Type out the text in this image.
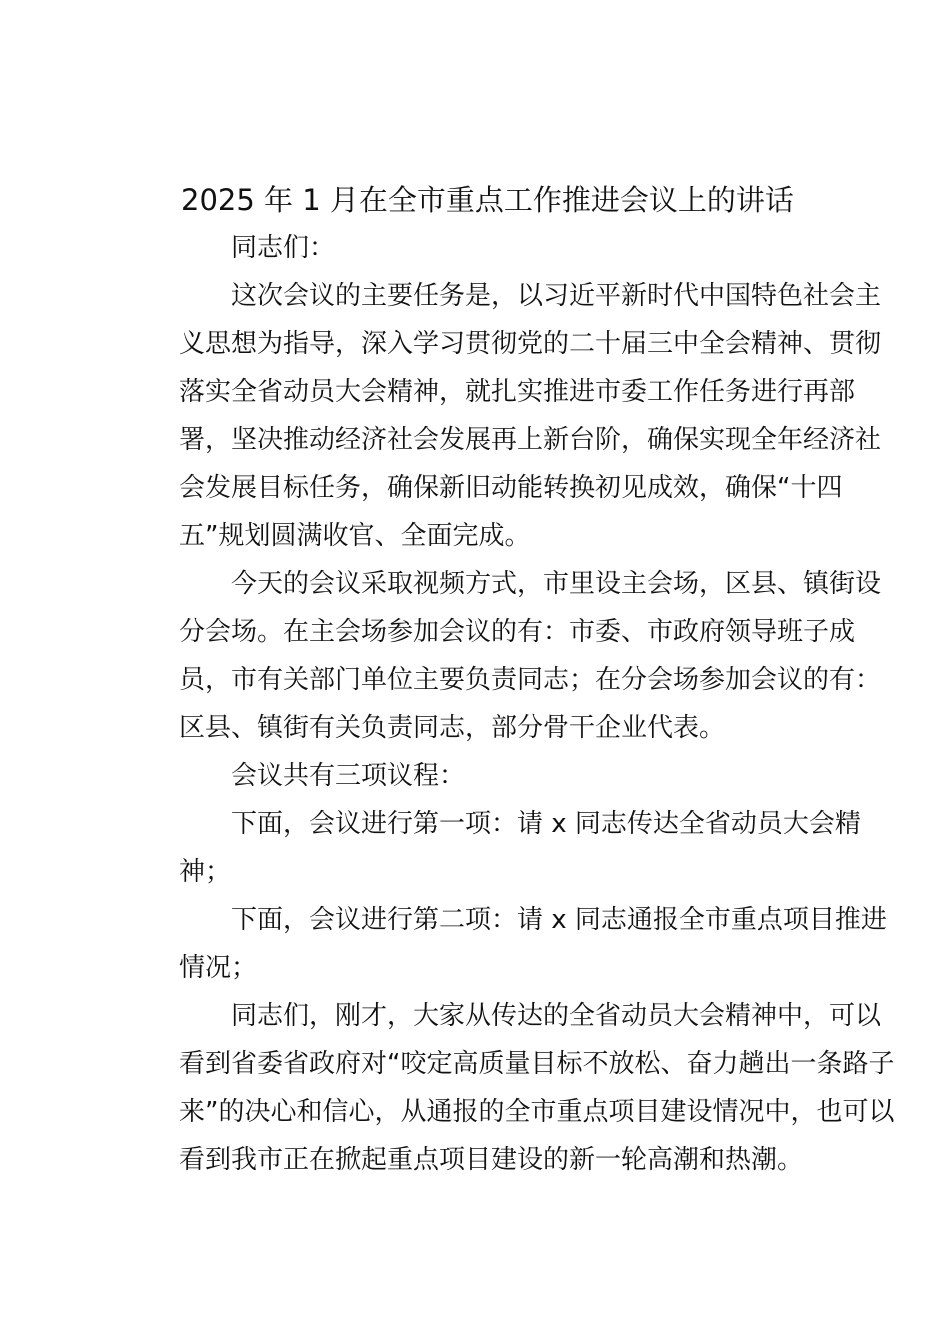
2025 年 1 月在全市重点工作推进会议上的讲话

同志们：

这次会议的主要任务是，以习近平新时代中国特色社会主
义思想为指导，深入学习贯彻党的二十届三中全会精神、贯彻
落实全省动员大会精神，就扎实推进市委工作任务进行再部
署，坚决推动经济社会发展再上新台阶，确保实现全年经济社
会发展目标任务，确保新旧动能转换初见成效，确保“十四
五”规划圆满收官、全面完成。

今天的会议采取视频方式，市里设主会场，区县、镇街设
分会场。在主会场参加会议的有：市委、市政府领导班子成
员，市有关部门单位主要负责同志；在分会场参加会议的有：
区县、镇街有关负责同志，部分骨干企业代表。

会议共有三项议程：

下面，会议进行第一项：请 x 同志传达全省动员大会精
神；

下面，会议进行第二项：请 x 同志通报全市重点项目推进
情况；

同志们，刚才，大家从传达的全省动员大会精神中，可以
看到省委省政府对“咬定高质量目标不放松、奋力趟出一条路子
来”的决心和信心，从通报的全市重点项目建设情况中，也可以
看到我市正在掀起重点项目建设的新一轮高潮和热潮。
